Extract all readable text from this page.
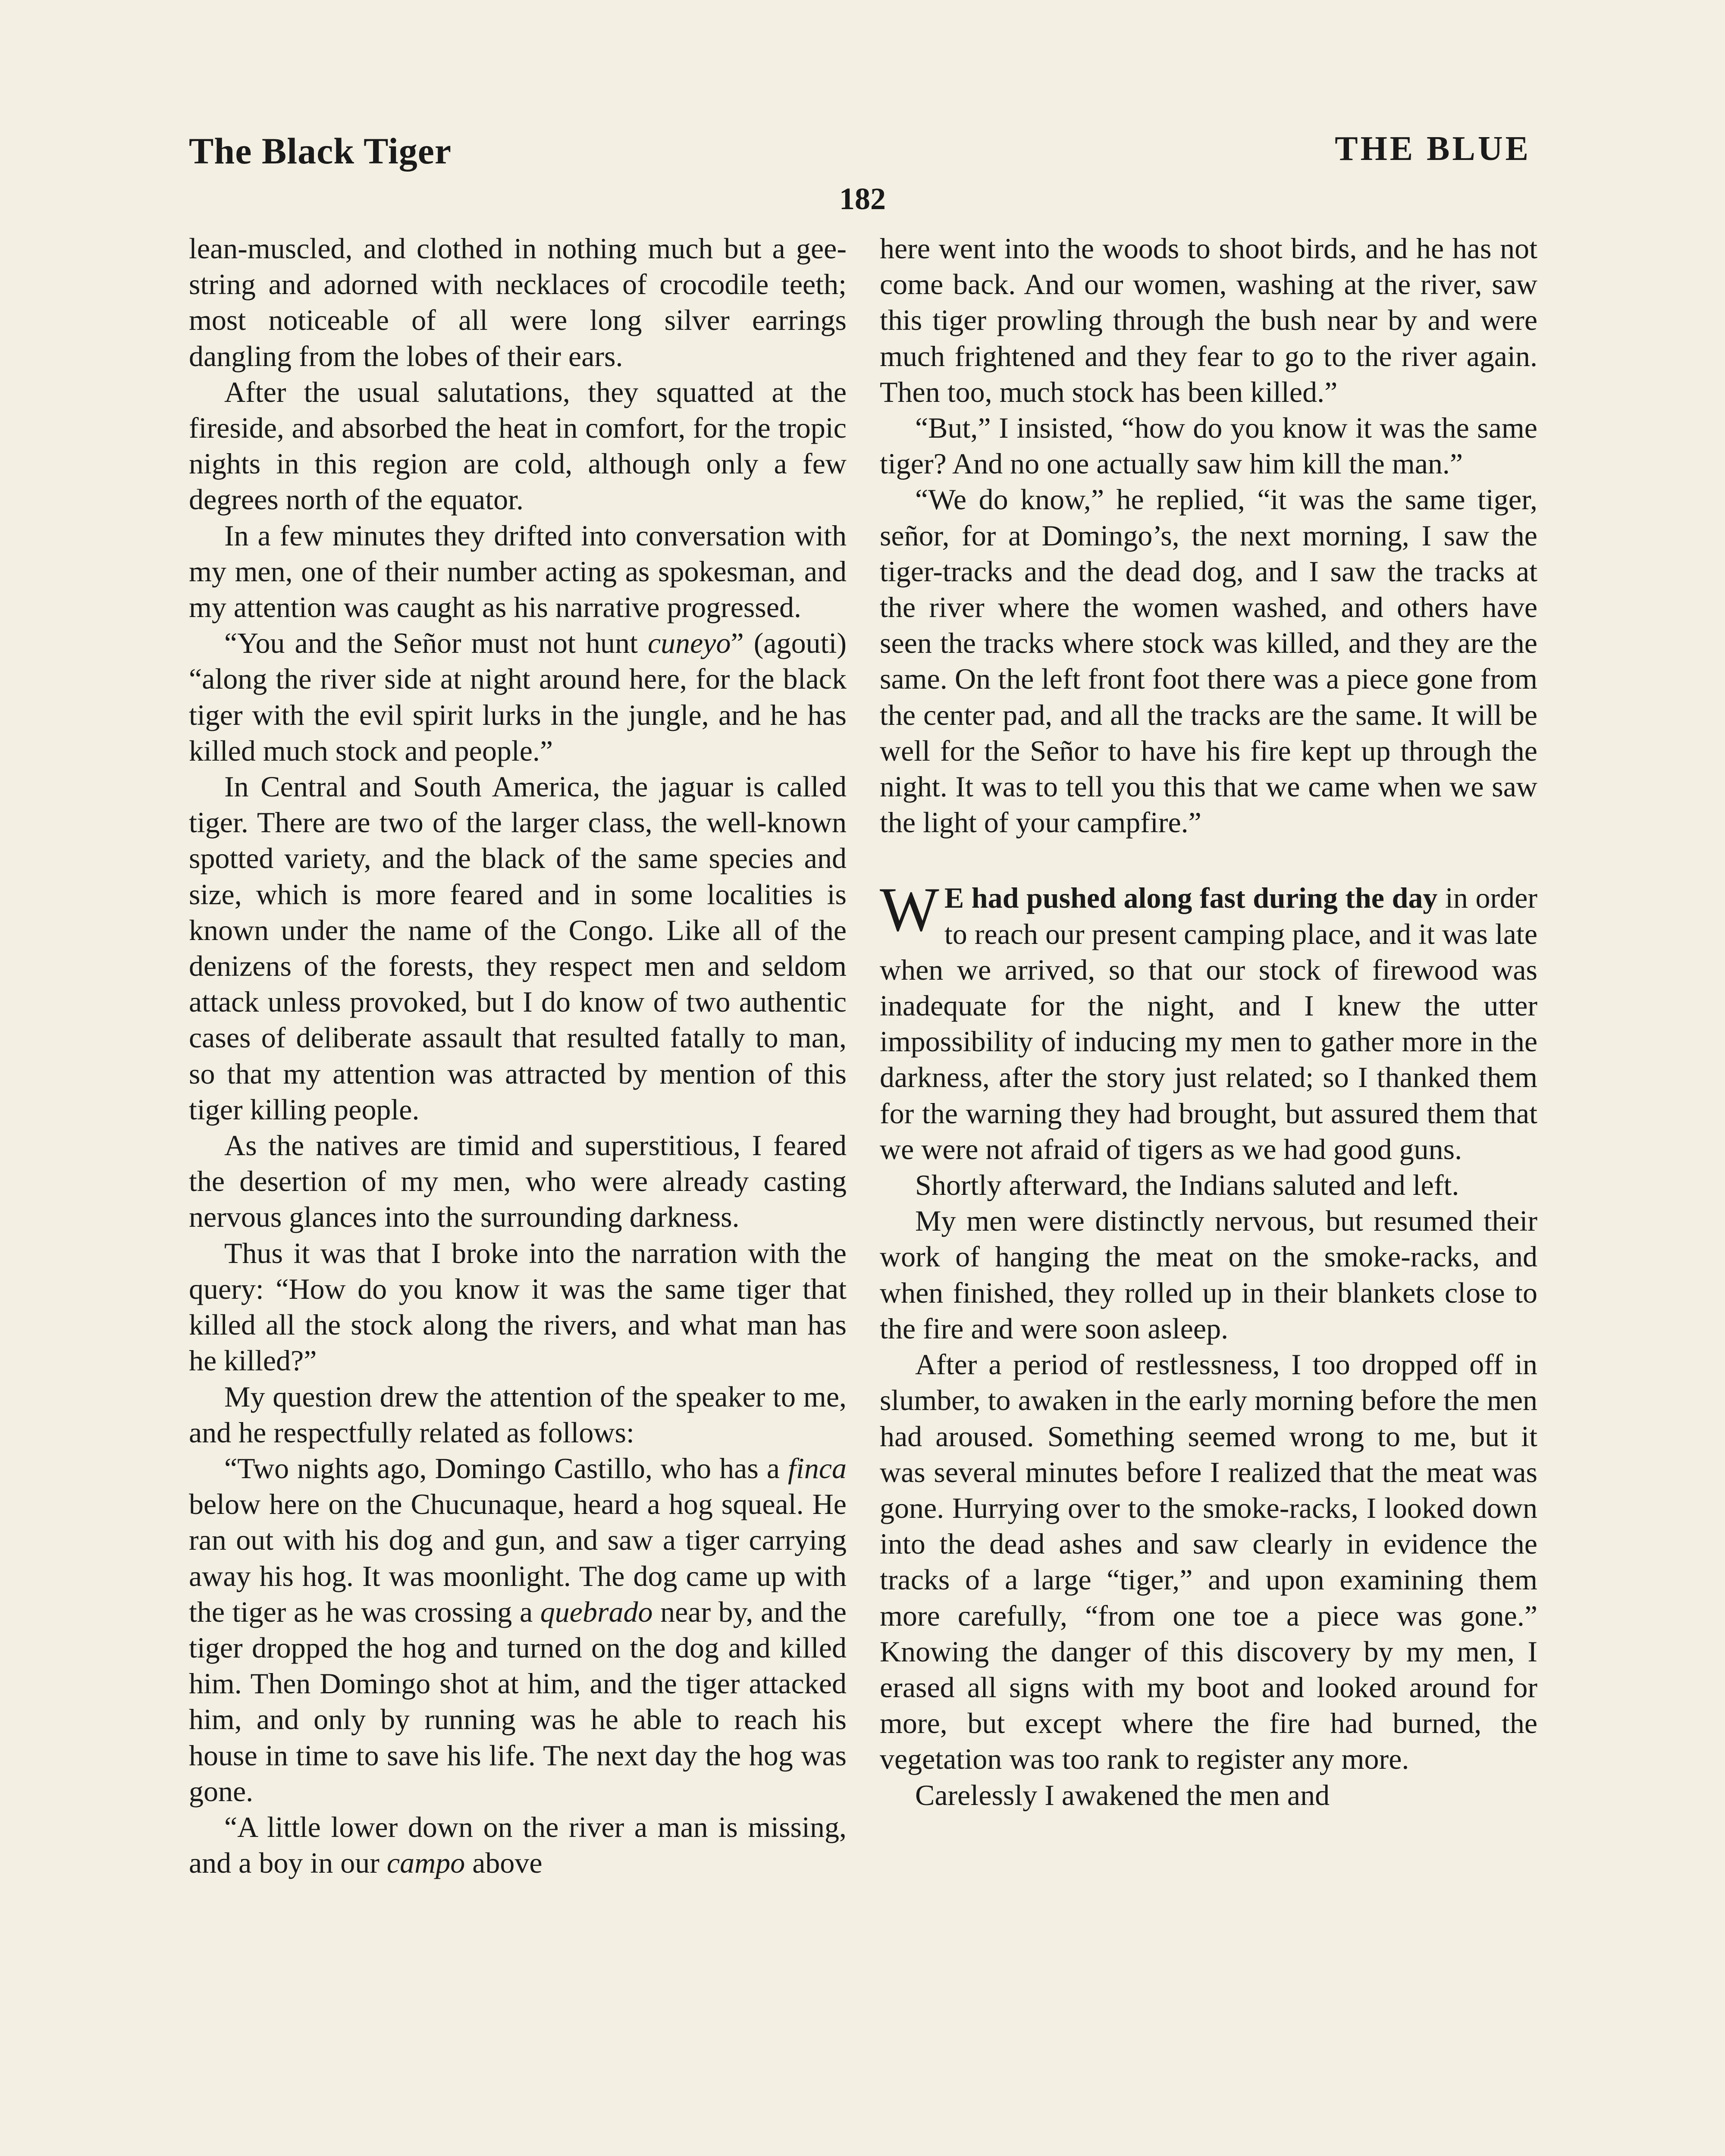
The Black Tiger	THE BLUE
182

lean-muscled, and clothed in nothing much but a gee-string and adorned with necklaces of crocodile teeth; most noticeable of all were long silver earrings dangling from the lobes of their ears.

After the usual salutations, they squatted at the fireside, and absorbed the heat in comfort, for the tropic nights in this region are cold, although only a few degrees north of the equator.

In a few minutes they drifted into conversation with my men, one of their number acting as spokesman, and my attention was caught as his narrative progressed.

“You and the Señor must not hunt cuneyo” (agouti) “along the river side at night around here, for the black tiger with the evil spirit lurks in the jungle, and he has killed much stock and people.”

In Central and South America, the jaguar is called tiger. There are two of the larger class, the well-known spotted variety, and the black of the same species and size, which is more feared and in some localities is known under the name of the Congo. Like all of the denizens of the forests, they respect men and seldom attack unless provoked, but I do know of two authentic cases of deliberate assault that resulted fatally to man, so that my attention was attracted by mention of this tiger killing people.

As the natives are timid and superstitious, I feared the desertion of my men, who were already casting nervous glances into the surrounding darkness.

Thus it was that I broke into the narration with the query: “How do you know it was the same tiger that killed all the stock along the rivers, and what man has he killed?”

My question drew the attention of the speaker to me, and he respectfully related as follows:

“Two nights ago, Domingo Castillo, who has a finca below here on the Chucunaque, heard a hog squeal. He ran out with his dog and gun, and saw a tiger carrying away his hog. It was moonlight. The dog came up with the tiger as he was crossing a quebrado near by, and the tiger dropped the hog and turned on the dog and killed him. Then Domingo shot at him, and the tiger attacked him, and only by running was he able to reach his house in time to save his life. The next day the hog was gone.

“A little lower down on the river a man is missing, and a boy in our campo above

here went into the woods to shoot birds, and he has not come back. And our women, washing at the river, saw this tiger prowling through the bush near by and were much frightened and they fear to go to the river again. Then too, much stock has been killed.”

“But,” I insisted, “how do you know it was the same tiger? And no one actually saw him kill the man.”

“We do know,” he replied, “it was the same tiger, señor, for at Domingo’s, the next morning, I saw the tiger-tracks and the dead dog, and I saw the tracks at the river where the women washed, and others have seen the tracks where stock was killed, and they are the same. On the left front foot there was a piece gone from the center pad, and all the tracks are the same. It will be well for the Señor to have his fire kept up through the night. It was to tell you this that we came when we saw the light of your campfire.”

W E had pushed along fast during the day in order to reach our present camping place, and it was late when we arrived, so that our stock of firewood was inadequate for the night, and I knew the utter impossibility of inducing my men to gather more in the darkness, after the story just related; so I thanked them for the warning they had brought, but assured them that we were not afraid of tigers as we had good guns.

Shortly afterward, the Indians saluted and left.

My men were distinctly nervous, but resumed their work of hanging the meat on the smoke-racks, and when finished, they rolled up in their blankets close to the fire and were soon asleep.

After a period of restlessness, I too dropped off in slumber, to awaken in the early morning before the men had aroused. Something seemed wrong to me, but it was several minutes before I realized that the meat was gone. Hurrying over to the smoke-racks, I looked down into the dead ashes and saw clearly in evidence the tracks of a large “tiger,” and upon examining them more carefully, “from one toe a piece was gone.” Knowing the danger of this discovery by my men, I erased all signs with my boot and looked around for more, but except where the fire had burned, the vegetation was too rank to register any more.

Carelessly I awakened the men and
